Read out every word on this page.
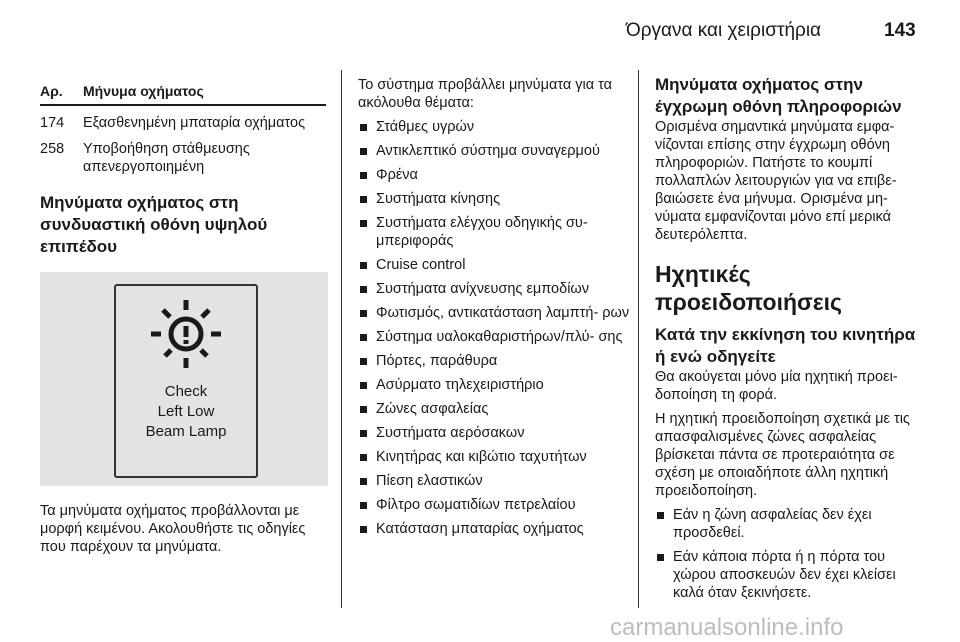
Όργανα και χειριστήρια	143
Αρ.	Μήνυμα οχήματος
174	Εξασθενημένη μπαταρία οχήματος
258	Υποβοήθηση στάθμευσης απενεργοποιημένη

Μηνύματα οχήματος στη συνδυαστική οθόνη υψηλού επιπέδου

Check
Left Low
Beam Lamp

Τα μηνύματα οχήματος προβάλλονται με μορφή κειμένου. Ακολουθήστε τις οδηγίες που παρέχουν τα μηνύματα.

Το σύστημα προβάλλει μηνύματα για τα ακόλουθα θέματα:

Στάθμες υγρών
Αντικλεπτικό σύστημα συναγερμού
Φρένα
Συστήματα κίνησης
Συστήματα ελέγχου οδηγικής συ‑ μπεριφοράς
Cruise control
Συστήματα ανίχνευσης εμποδίων
Φωτισμός, αντικατάσταση λαμπτή‑ ρων
Σύστημα υαλοκαθαριστήρων/πλύ‑ σης
Πόρτες, παράθυρα
Ασύρματο τηλεχειριστήριο
Ζώνες ασφαλείας
Συστήματα αερόσακων
Κινητήρας και κιβώτιο ταχυτήτων
Πίεση ελαστικών
Φίλτρο σωματιδίων πετρελαίου
Κατάσταση μπαταρίας οχήματος

Μηνύματα οχήματος στην έγχρωμη οθόνη πληροφοριών

Ορισμένα σημαντικά μηνύματα εμφα‑ νίζονται επίσης στην έγχρωμη οθόνη πληροφοριών. Πατήστε το κουμπί πολλαπλών λειτουργιών για να επιβε‑ βαιώσετε ένα μήνυμα. Ορισμένα μη‑ νύματα εμφανίζονται μόνο επί μερικά δευτερόλεπτα.

Ηχητικές προειδοποιήσεις

Κατά την εκκίνηση του κινητήρα ή ενώ οδηγείτε

Θα ακούγεται μόνο μία ηχητική προει‑ δοποίηση τη φορά.

Η ηχητική προειδοποίηση σχετικά με τις απασφαλισμένες ζώνες ασφαλείας βρίσκεται πάντα σε προτεραιότητα σε σχέση με οποιαδήποτε άλλη ηχητική προειδοποίηση.

Εάν η ζώνη ασφαλείας δεν έχει προσδεθεί.
Εάν κάποια πόρτα ή η πόρτα του χώρου αποσκευών δεν έχει κλείσει καλά όταν ξεκινήσετε.
carmanualsonline.info
